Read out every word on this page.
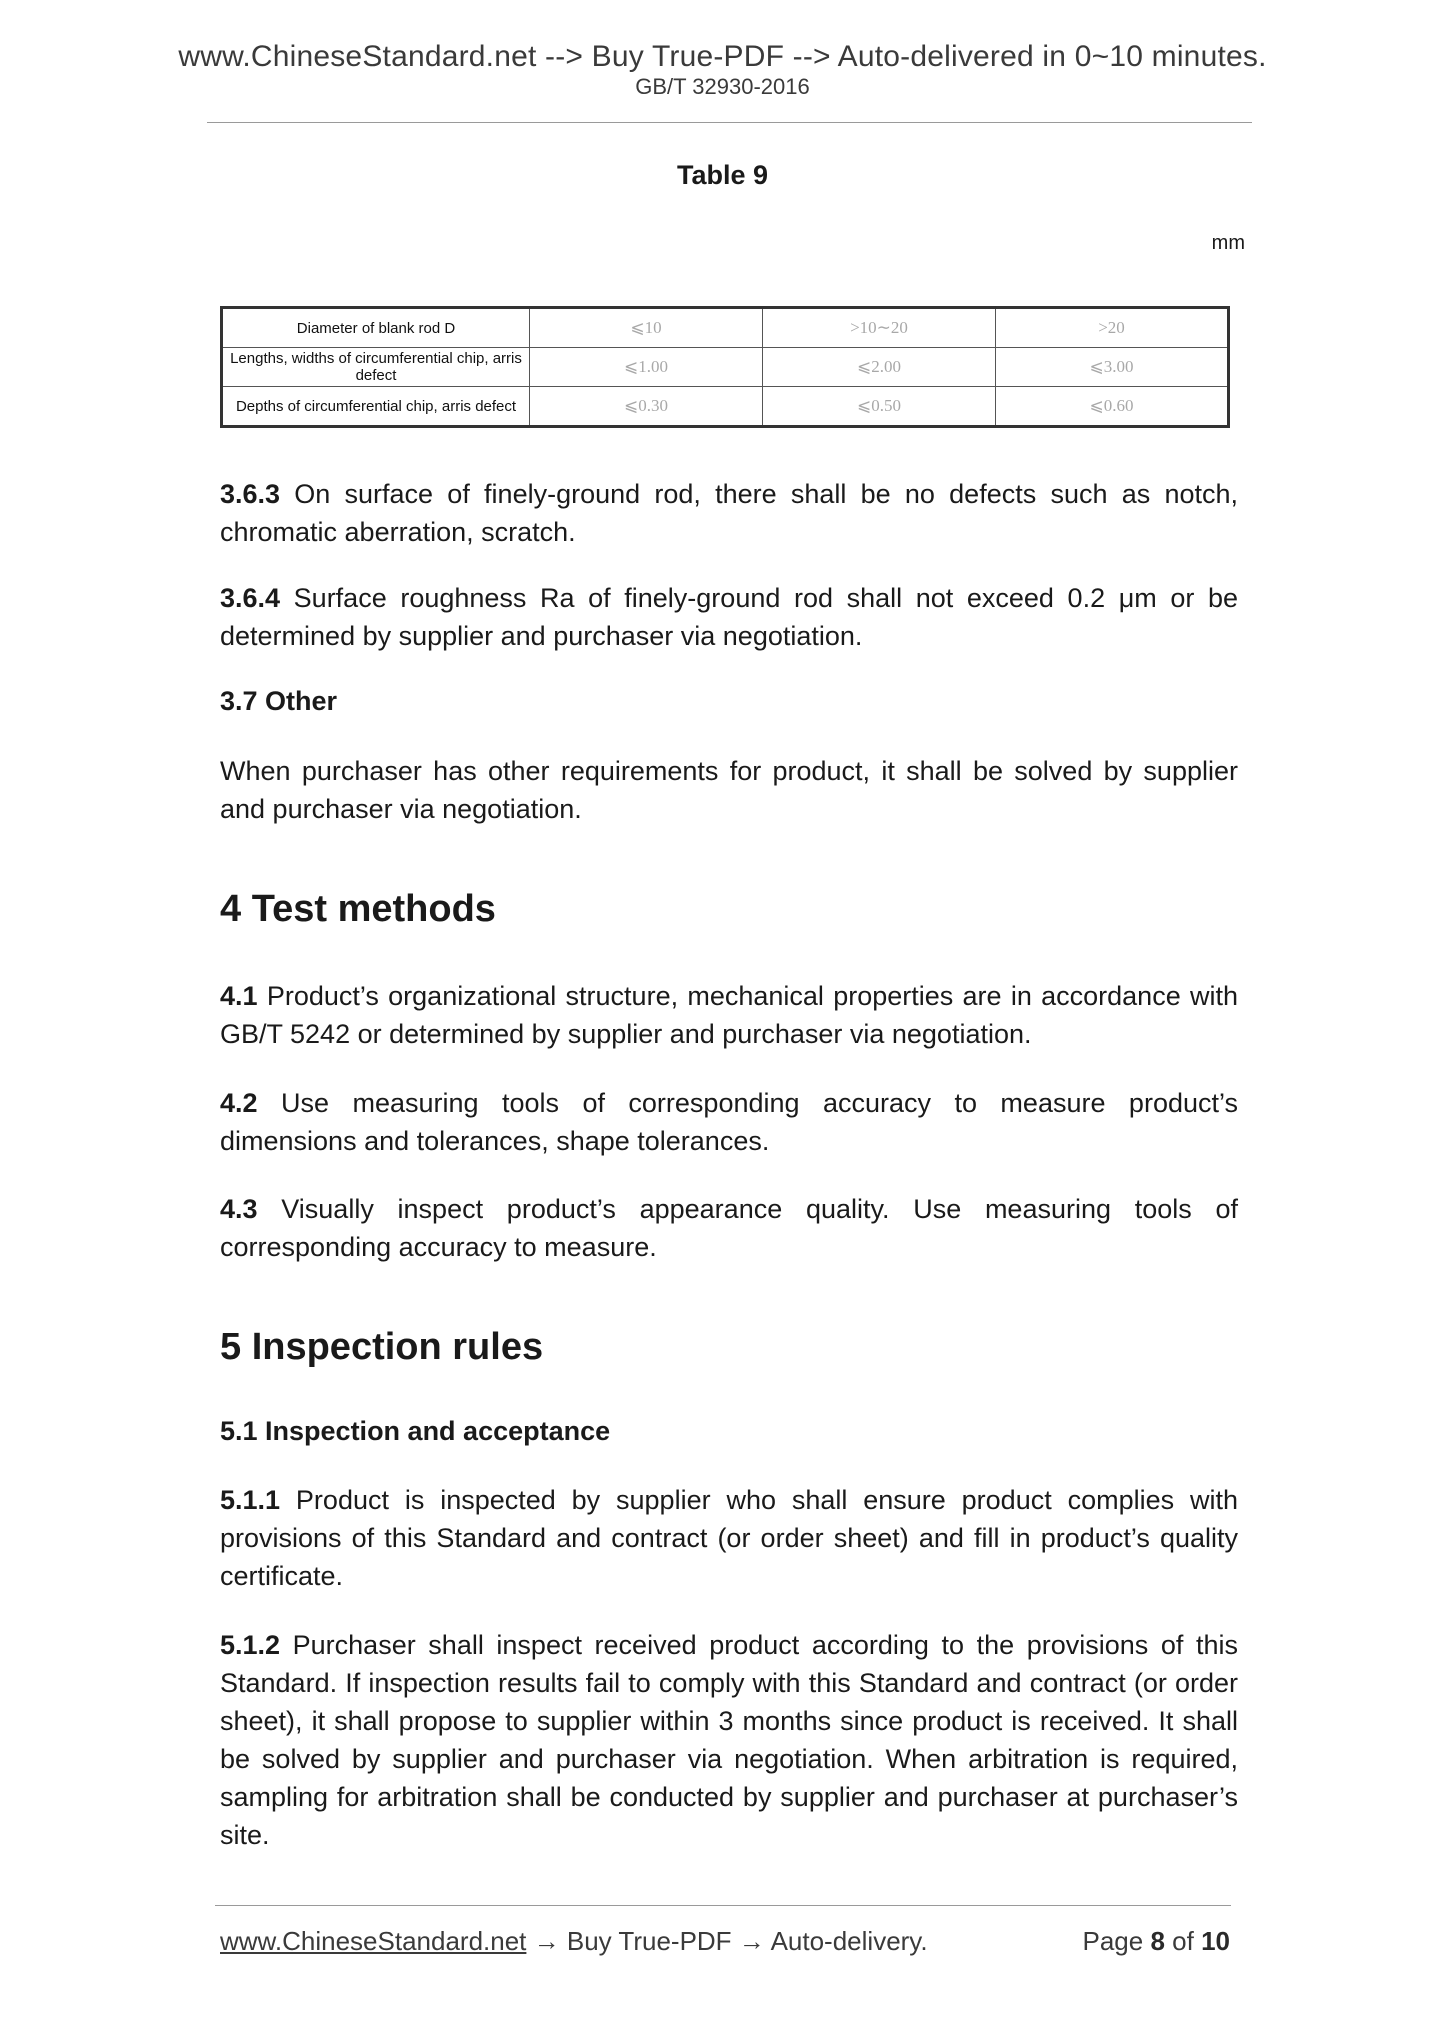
www.ChineseStandard.net --> Buy True-PDF --> Auto-delivered in 0~10 minutes.
GB/T 32930-2016
Table 9
mm
Diameter of blank rod D	⩽10	>10∼20	>20
Lengths, widths of circumferential chip, arris defect	⩽1.00	⩽2.00	⩽3.00
Depths of circumferential chip, arris defect	⩽0.30	⩽0.50	⩽0.60
3.6.3 On surface of finely-ground rod, there shall be no defects such as notch, chromatic aberration, scratch.
3.6.4 Surface roughness Ra of finely-ground rod shall not exceed 0.2 μm or be determined by supplier and purchaser via negotiation.
3.7 Other
When purchaser has other requirements for product, it shall be solved by supplier and purchaser via negotiation.
4 Test methods
4.1 Product’s organizational structure, mechanical properties are in accordance with GB/T 5242 or determined by supplier and purchaser via negotiation.
4.2 Use measuring tools of corresponding accuracy to measure product’s dimensions and tolerances, shape tolerances.
4.3 Visually inspect product’s appearance quality. Use measuring tools of corresponding accuracy to measure.
5 Inspection rules
5.1 Inspection and acceptance
5.1.1 Product is inspected by supplier who shall ensure product complies with provisions of this Standard and contract (or order sheet) and fill in product’s quality certificate.
5.1.2 Purchaser shall inspect received product according to the provisions of this Standard. If inspection results fail to comply with this Standard and contract (or order sheet), it shall propose to supplier within 3 months since product is received. It shall be solved by supplier and purchaser via negotiation. When arbitration is required, sampling for arbitration shall be conducted by supplier and purchaser at purchaser’s site.
www.ChineseStandard.net → Buy True-PDF → Auto-delivery.	Page 8 of 10
